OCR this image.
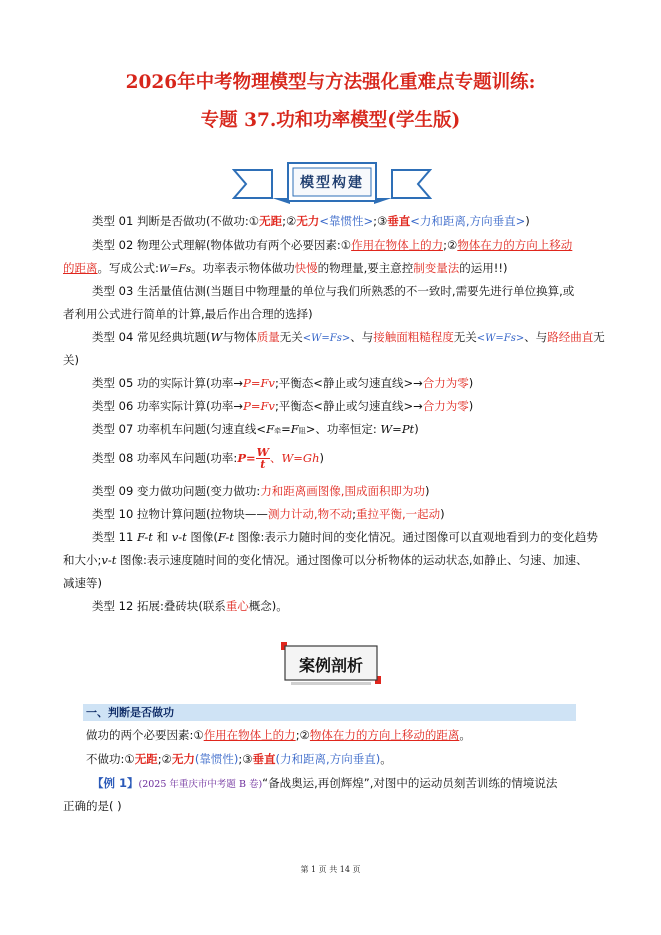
2026年中考物理模型与方法强化重难点专题训练:
专题 37.功和功率模型(学生版)
模型构建
类型 01 判断是否做功(不做功:①无距;②无力<靠惯性>;③垂直<力和距离,方向垂直>)
类型 02 物理公式理解(物体做功有两个必要因素:①作用在物体上的力;②物体在力的方向上移动
的距离。写成公式:W=Fs。功率表示物体做功快慢的物理量,要主意控制变量法的运用!!)
类型 03 生活量值估测(当题目中物理量的单位与我们所熟悉的不一致时,需要先进行单位换算,或
者利用公式进行简单的计算,最后作出合理的选择)
类型 04 常见经典坑题(W与物体质量无关<W=Fs>、与接触面粗糙程度无关<W=Fs>、与路经曲直无
关)
类型 05 功的实际计算(功率→P=Fv;平衡态<静止或匀速直线>→合力为零)
类型 06 功率实际计算(功率→P=Fv;平衡态<静止或匀速直线>→合力为零)
类型 07 功率机车问题(匀速直线<F牵=F阻>、功率恒定: W=Pt)
类型 08 功率风车问题(功率:P= $\frac{W}{t}$ 、W=Gh)
类型 09 变力做功问题(变力做功:力和距离画图像,围成面积即为功)
类型 10 拉物计算问题(拉物块——测力计动,物不动;重拉平衡,一起动)
类型 11 F-t 和 v-t 图像(F-t 图像:表示力随时间的变化情况。通过图像可以直观地看到力的变化趋势
和大小;v-t 图像:表示速度随时间的变化情况。通过图像可以分析物体的运动状态,如静止、匀速、加速、
减速等)
类型 12 拓展:叠砖块(联系重心概念)。
案例剖析
一、判断是否做功
做功的两个必要因素:①作用在物体上的力;②物体在力的方向上移动的距离。
不做功:①无距;②无力(靠惯性);③垂直(力和距离,方向垂直)。
【例 1】(2025 年重庆市中考题 B 卷)“备战奥运,再创辉煌”,对图中的运动员刻苦训练的情境说法
正确的是( )
第 1 页 共 14 页
